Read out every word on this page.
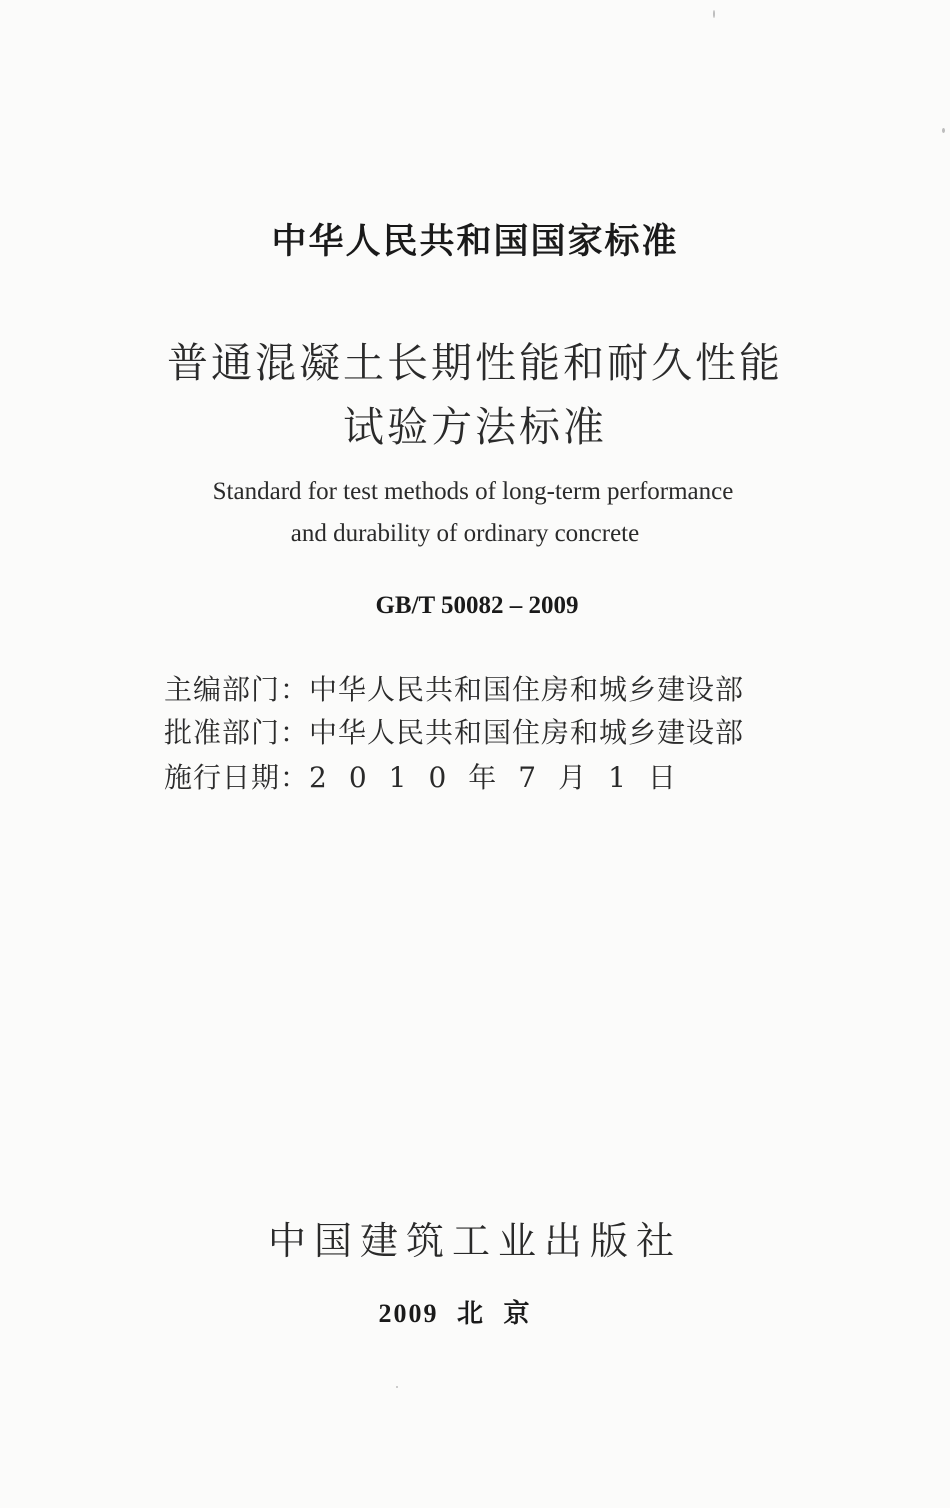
中华人民共和国国家标准
普通混凝土长期性能和耐久性能
试验方法标准
Standard for test methods of long-term performance
and durability of ordinary concrete
GB/T 50082 – 2009
主编部门：中华人民共和国住房和城乡建设部
批准部门：中华人民共和国住房和城乡建设部
施行日期：2010年7月1日
中国建筑工业出版社
2009 北 京
